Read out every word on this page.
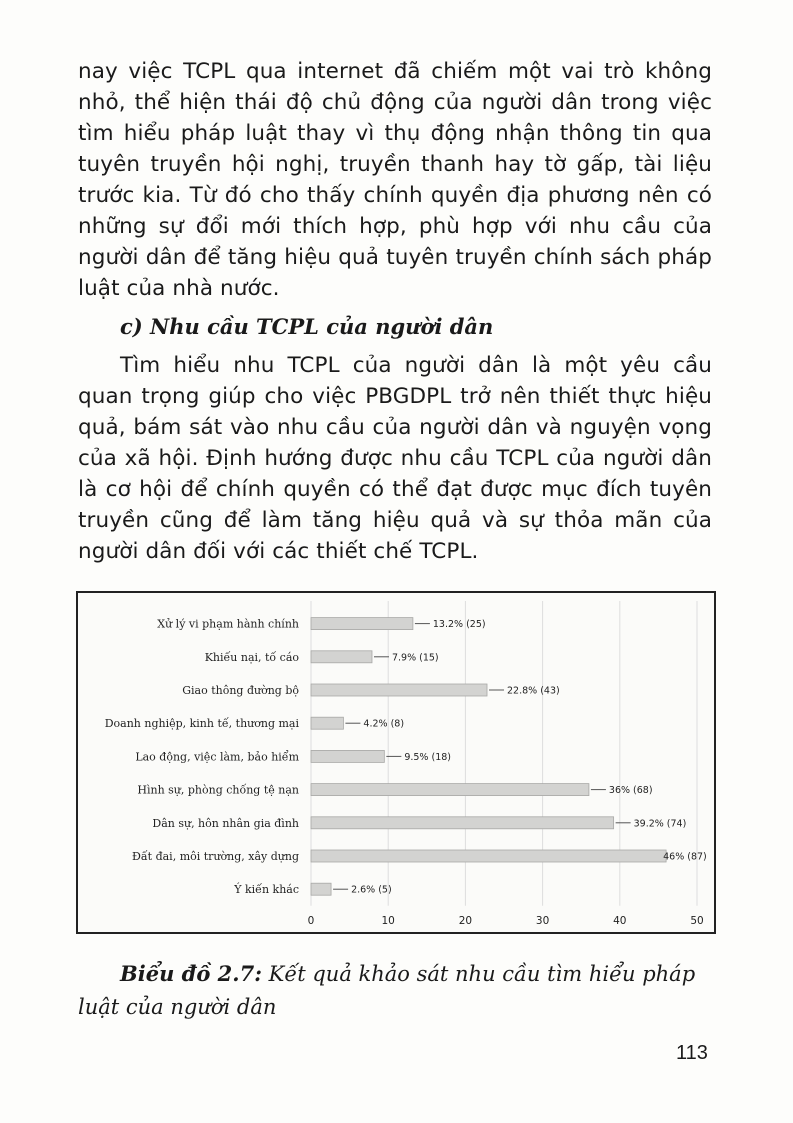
nay việc TCPL qua internet đã chiếm một vai trò không nhỏ, thể hiện thái độ chủ động của người dân trong việc tìm hiểu pháp luật thay vì thụ động nhận thông tin qua tuyên truyền hội nghị, truyền thanh hay tờ gấp, tài liệu trước kia. Từ đó cho thấy chính quyền địa phương nên có những sự đổi mới thích hợp, phù hợp với nhu cầu của người dân để tăng hiệu quả tuyên truyền chính sách pháp luật của nhà nước.

c) Nhu cầu TCPL của người dân

Tìm hiểu nhu TCPL của người dân là một yêu cầu quan trọng giúp cho việc PBGDPL trở nên thiết thực hiệu quả, bám sát vào nhu cầu của người dân và nguyện vọng của xã hội. Định hướng được nhu cầu TCPL của người dân là cơ hội để chính quyền có thể đạt được mục đích tuyên truyền cũng để làm tăng hiệu quả và sự thỏa mãn của người dân đối với các thiết chế TCPL.

0	10	20	30	40	50
Xử lý vi phạm hành chính	13.2% (25)
Khiếu nại, tố cáo	7.9% (15)
Giao thông đường bộ	22.8% (43)
Doanh nghiệp, kinh tế, thương mại	4.2% (8)
Lao động, việc làm, bảo hiểm	9.5% (18)
Hình sự, phòng chống tệ nạn	36% (68)
Dân sự, hôn nhân gia đình	39.2% (74)
Đất đai, môi trường, xây dựng	46% (87)
Ý kiến khác	2.6% (5)

Biểu đồ 2.7: Kết quả khảo sát nhu cầu tìm hiểu pháp luật của người dân

113
